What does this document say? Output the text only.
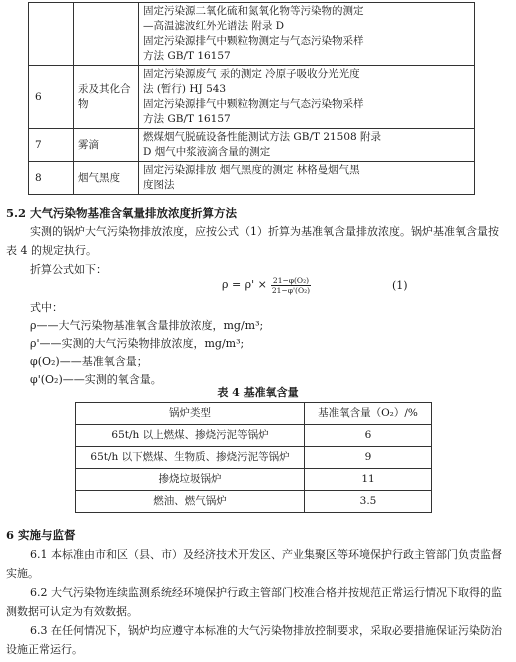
		固定污染源二氧化硫和氮氧化物等污染物的测定
—高温滤波红外光谱法 附录 D
固定污染源排气中颗粒物测定与气态污染物采样
方法 GB/T 16157

6	汞及其化合物	固定污染源废气 汞的测定 冷原子吸收分光光度
法 (暂行) HJ 543
固定污染源排气中颗粒物测定与气态污染物采样
方法 GB/T 16157

7	雾滴	燃煤烟气脱硫设备性能测试方法 GB/T 21508 附录
D 烟气中浆液滴含量的测定

8	烟气黑度	固定污染源排放 烟气黑度的测定 林格曼烟气黑
度图法
5.2 大气污染物基准含氧量排放浓度折算方法
实测的锅炉大气污染物排放浓度，应按公式（1）折算为基准氧含量排放浓度。锅炉基准氧含量按
表 4 的规定执行。
折算公式如下：
$\rho = \rho' \times \frac{\text{21−φ(O₂)}}{\text{21−φ'(O₂)}}$	(1)
式中：
ρ——大气污染物基准氧含量排放浓度，mg/m³;
ρ'——实测的大气污染物排放浓度，mg/m³;
φ(O₂)——基准氧含量；
φ'(O₂)——实测的氧含量。
表 4 基准氧含量
锅炉类型	基准氧含量（O₂）/%
65t/h 以上燃煤、掺烧污泥等锅炉	6
65t/h 以下燃煤、生物质、掺烧污泥等锅炉	9
掺烧垃圾锅炉	11
燃油、燃气锅炉	3.5
6 实施与监督
6.1 本标准由市和区（县、市）及经济技术开发区、产业集聚区等环境保护行政主管部门负责监督
实施。
6.2 大气污染物连续监测系统经环境保护行政主管部门校准合格并按规范正常运行情况下取得的监
测数据可认定为有效数据。
6.3 在任何情况下，锅炉均应遵守本标准的大气污染物排放控制要求，采取必要措施保证污染防治
设施正常运行。
